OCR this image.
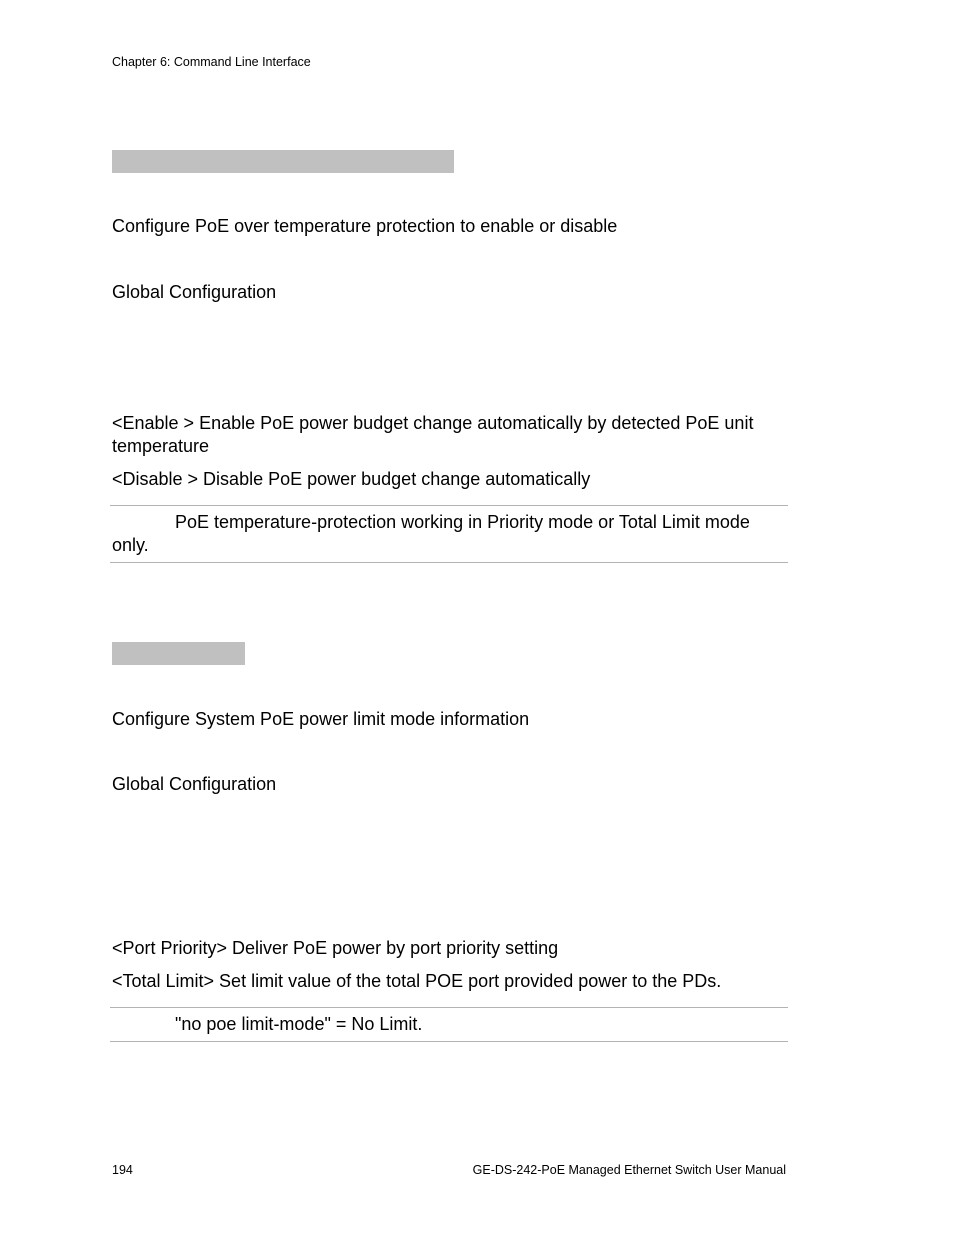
Chapter 6: Command Line Interface
Configure PoE over temperature protection to enable or disable
Global Configuration
<Enable > Enable PoE power budget change automatically by detected PoE unit temperature
<Disable > Disable PoE power budget change automatically
PoE temperature-protection working in Priority mode or Total Limit mode only.
Configure System PoE power limit mode information
Global Configuration
<Port Priority> Deliver PoE power by port priority setting
<Total Limit> Set limit value of the total POE port provided power to the PDs.
"no poe limit-mode" = No Limit.
194	GE-DS-242-PoE Managed Ethernet Switch User Manual
